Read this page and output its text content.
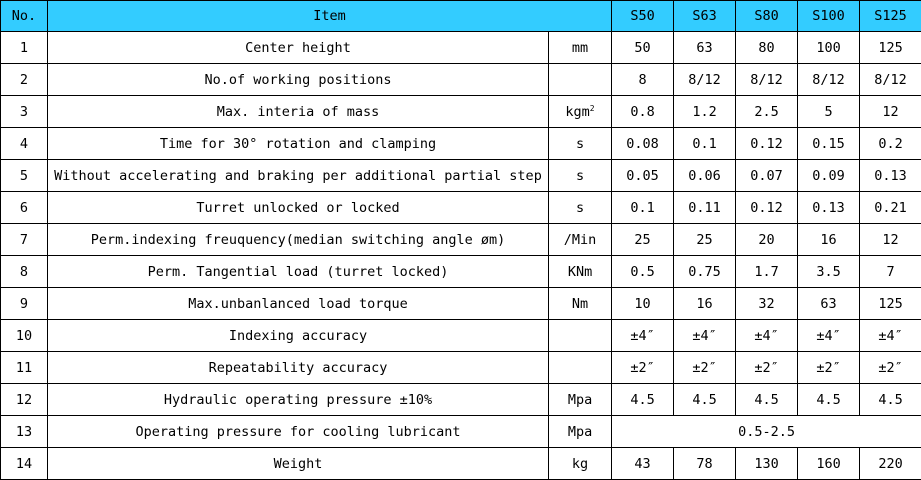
No.	Item		S50	S63	S80	S100	S125
1	Center height	mm	50	63	80	100	125
2	No.of working positions		8	8/12	8/12	8/12	8/12
3	Max. interia of mass	kgm$^2$	0.8	1.2	2.5	5	12
4	Time for 30° rotation and clamping	s	0.08	0.1	0.12	0.15	0.2
5	Without accelerating and braking per additional partial step	s	0.05	0.06	0.07	0.09	0.13
6	Turret unlocked or locked	s	0.1	0.11	0.12	0.13	0.21
7	Perm.indexing freuquency(median switching angle øm)	/Min	25	25	20	16	12
8	Perm. Tangential load (turret locked)	KNm	0.5	0.75	1.7	3.5	7
9	Max.unbanlanced load torque	Nm	10	16	32	63	125
10	Indexing accuracy		±4″	±4″	±4″	±4″	±4″
11	Repeatability accuracy		±2″	±2″	±2″	±2″	±2″
12	Hydraulic operating pressure ±10%	Mpa	4.5	4.5	4.5	4.5	4.5
13	Operating pressure for cooling lubricant	Mpa	0.5-2.5				
14	Weight	kg	43	78	130	160	220
